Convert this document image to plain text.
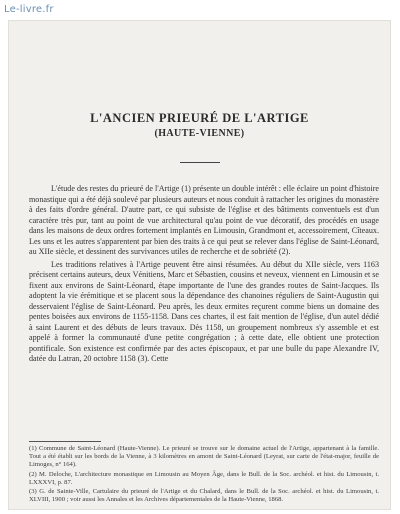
Le-livre.fr
L'ANCIEN PRIEURÉ DE L'ARTIGE
(HAUTE-VIENNE)

L'étude des restes du prieuré de l'Artige (1) présente un double intérêt : elle éclaire un point d'histoire monastique qui a été déjà soulevé par plusieurs auteurs et nous conduit à rattacher les origines du monastère à des faits d'ordre général. D'autre part, ce qui subsiste de l'église et des bâtiments conventuels est d'un caractère très pur, tant au point de vue architectural qu'au point de vue décoratif, des procédés en usage dans les maisons de deux ordres fortement implantés en Limousin, Grandmont et, accessoirement, Cîteaux. Les uns et les autres s'apparentent par bien des traits à ce qui peut se relever dans l'église de Saint-Léonard, au XIIe siècle, et dessinent des survivances utiles de recherche et de sobriété (2).

Les traditions relatives à l'Artige peuvent être ainsi résumées. Au début du XIIe siècle, vers 1163 précisent certains auteurs, deux Vénitiens, Marc et Sébastien, cousins et neveux, viennent en Limousin et se fixent aux environs de Saint-Léonard, étape importante de l'une des grandes routes de Saint-Jacques. Ils adoptent la vie érémitique et se placent sous la dépendance des chanoines réguliers de Saint-Augustin qui desservaient l'église de Saint-Léonard. Peu après, les deux ermites reçurent comme biens un domaine des pentes boisées aux environs de 1155-1158. Dans ces chartes, il est fait mention de l'église, d'un autel dédié à saint Laurent et des débuts de leurs travaux. Dès 1158, un groupement nombreux s'y assemble et est appelé à former la communauté d'une petite congrégation ; à cette date, elle obtient une protection pontificale. Son existence est confirmée par des actes épiscopaux, et par une bulle du pape Alexandre IV, datée du Latran, 20 octobre 1158 (3). Cette

(1) Commune de Saint-Léonard (Haute-Vienne). Le prieuré se trouve sur le domaine actuel de l'Artige, appartenant à la famille. Tout a été établi sur les bords de la Vienne, à 3 kilomètres en amont de Saint-Léonard (Leyrat, sur carte de l'état-major, feuille de Limoges, n° 164).

(2) M. Deloche, L'architecture monastique en Limousin au Moyen Âge, dans le Bull. de la Soc. archéol. et hist. du Limousin, t. LXXXVI, p. 87.

(3) G. de Sainte-Ville, Cartulaire du prieuré de l'Artige et du Chalard, dans le Bull. de la Soc. archéol. et hist. du Limousin, t. XLVIII, 1900 ; voir aussi les Annales et les Archives départementales de la Haute-Vienne, 1868.
